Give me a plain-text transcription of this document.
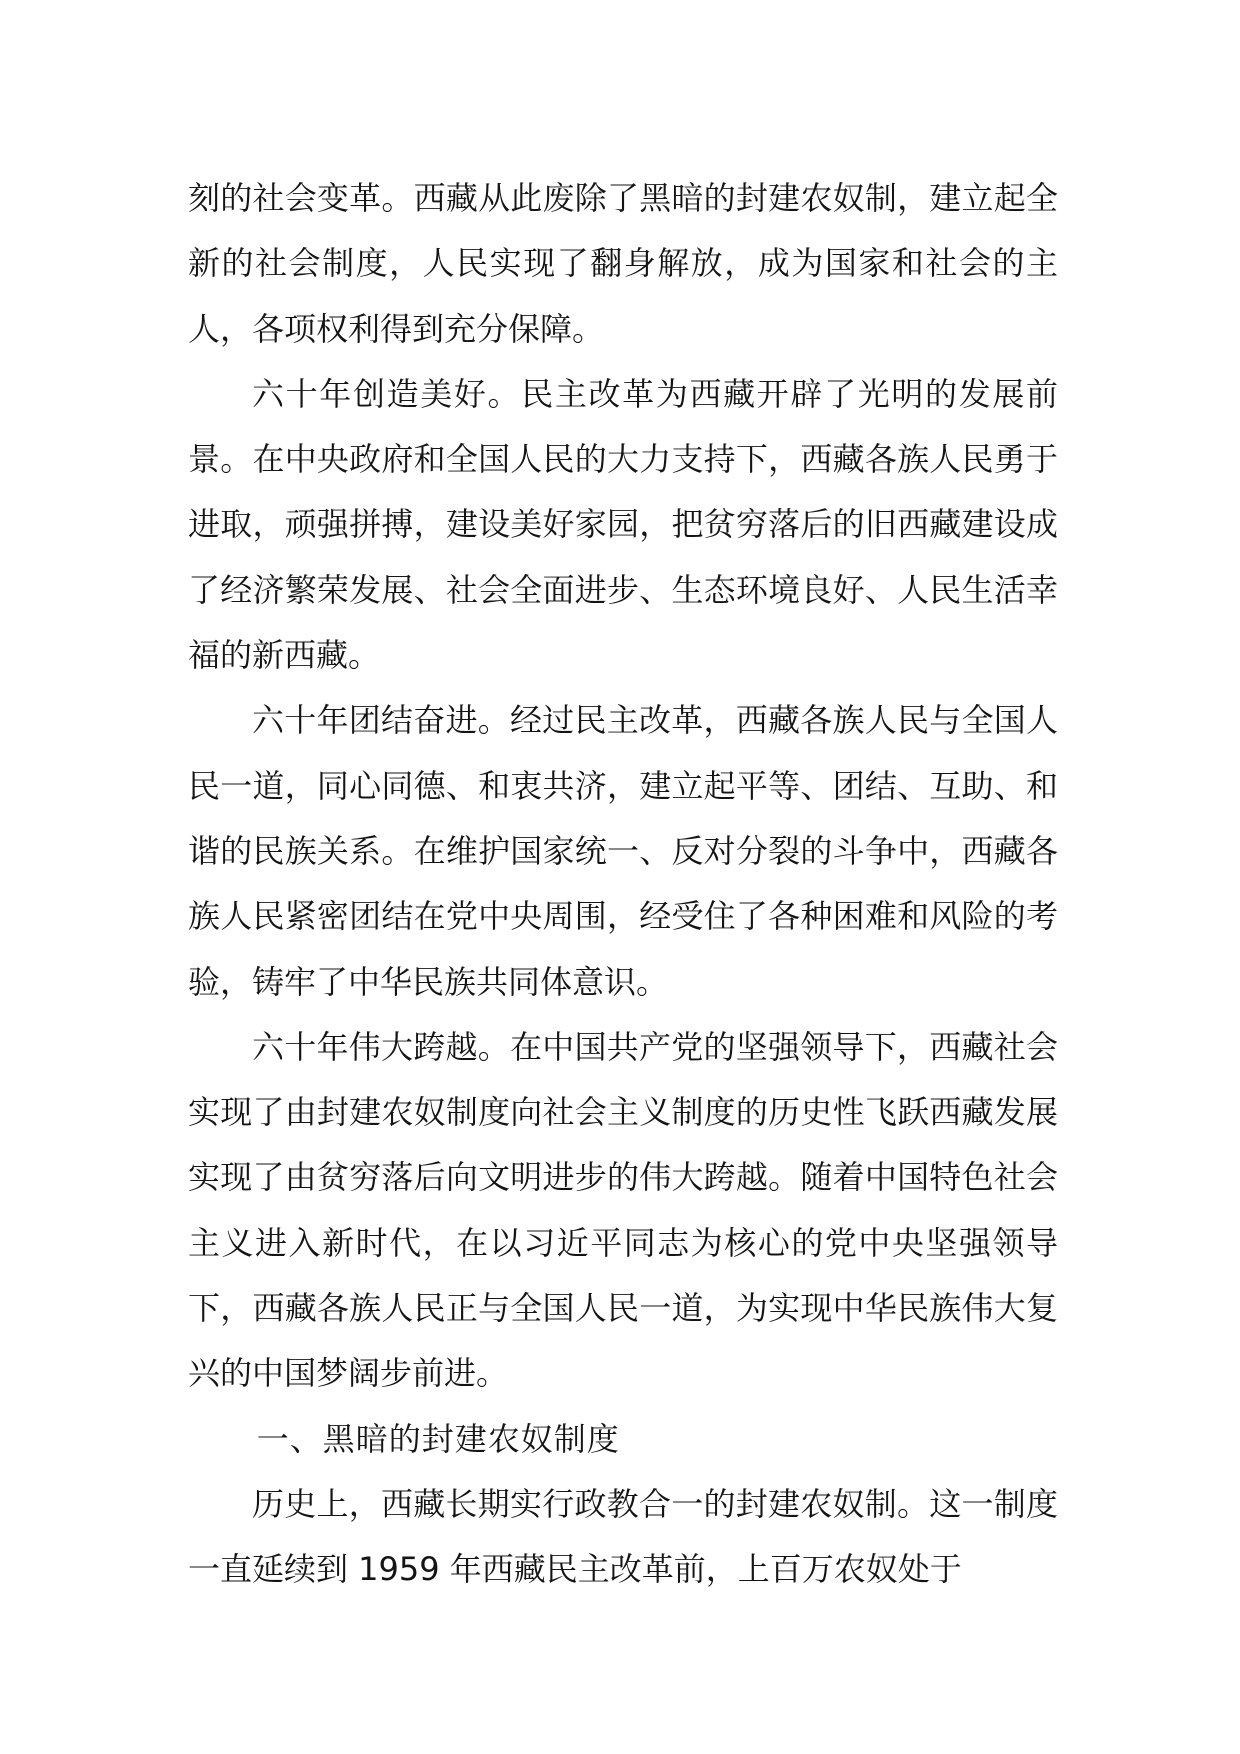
刻的社会变革。西藏从此废除了黑暗的封建农奴制，建立起全新的社会制度，人民实现了翻身解放，成为国家和社会的主人，各项权利得到充分保障。

六十年创造美好。民主改革为西藏开辟了光明的发展前景。在中央政府和全国人民的大力支持下，西藏各族人民勇于进取，顽强拼搏，建设美好家园，把贫穷落后的旧西藏建设成了经济繁荣发展、社会全面进步、生态环境良好、人民生活幸福的新西藏。

六十年团结奋进。经过民主改革，西藏各族人民与全国人民一道，同心同德、和衷共济，建立起平等、团结、互助、和谐的民族关系。在维护国家统一、反对分裂的斗争中，西藏各族人民紧密团结在党中央周围，经受住了各种困难和风险的考验，铸牢了中华民族共同体意识。

六十年伟大跨越。在中国共产党的坚强领导下，西藏社会实现了由封建农奴制度向社会主义制度的历史性飞跃西藏发展实现了由贫穷落后向文明进步的伟大跨越。随着中国特色社会主义进入新时代，在以习近平同志为核心的党中央坚强领导下，西藏各族人民正与全国人民一道，为实现中华民族伟大复兴的中国梦阔步前进。

一、黑暗的封建农奴制度

历史上，西藏长期实行政教合一的封建农奴制。这一制度一直延续到 1959 年西藏民主改革前，上百万农奴处于
